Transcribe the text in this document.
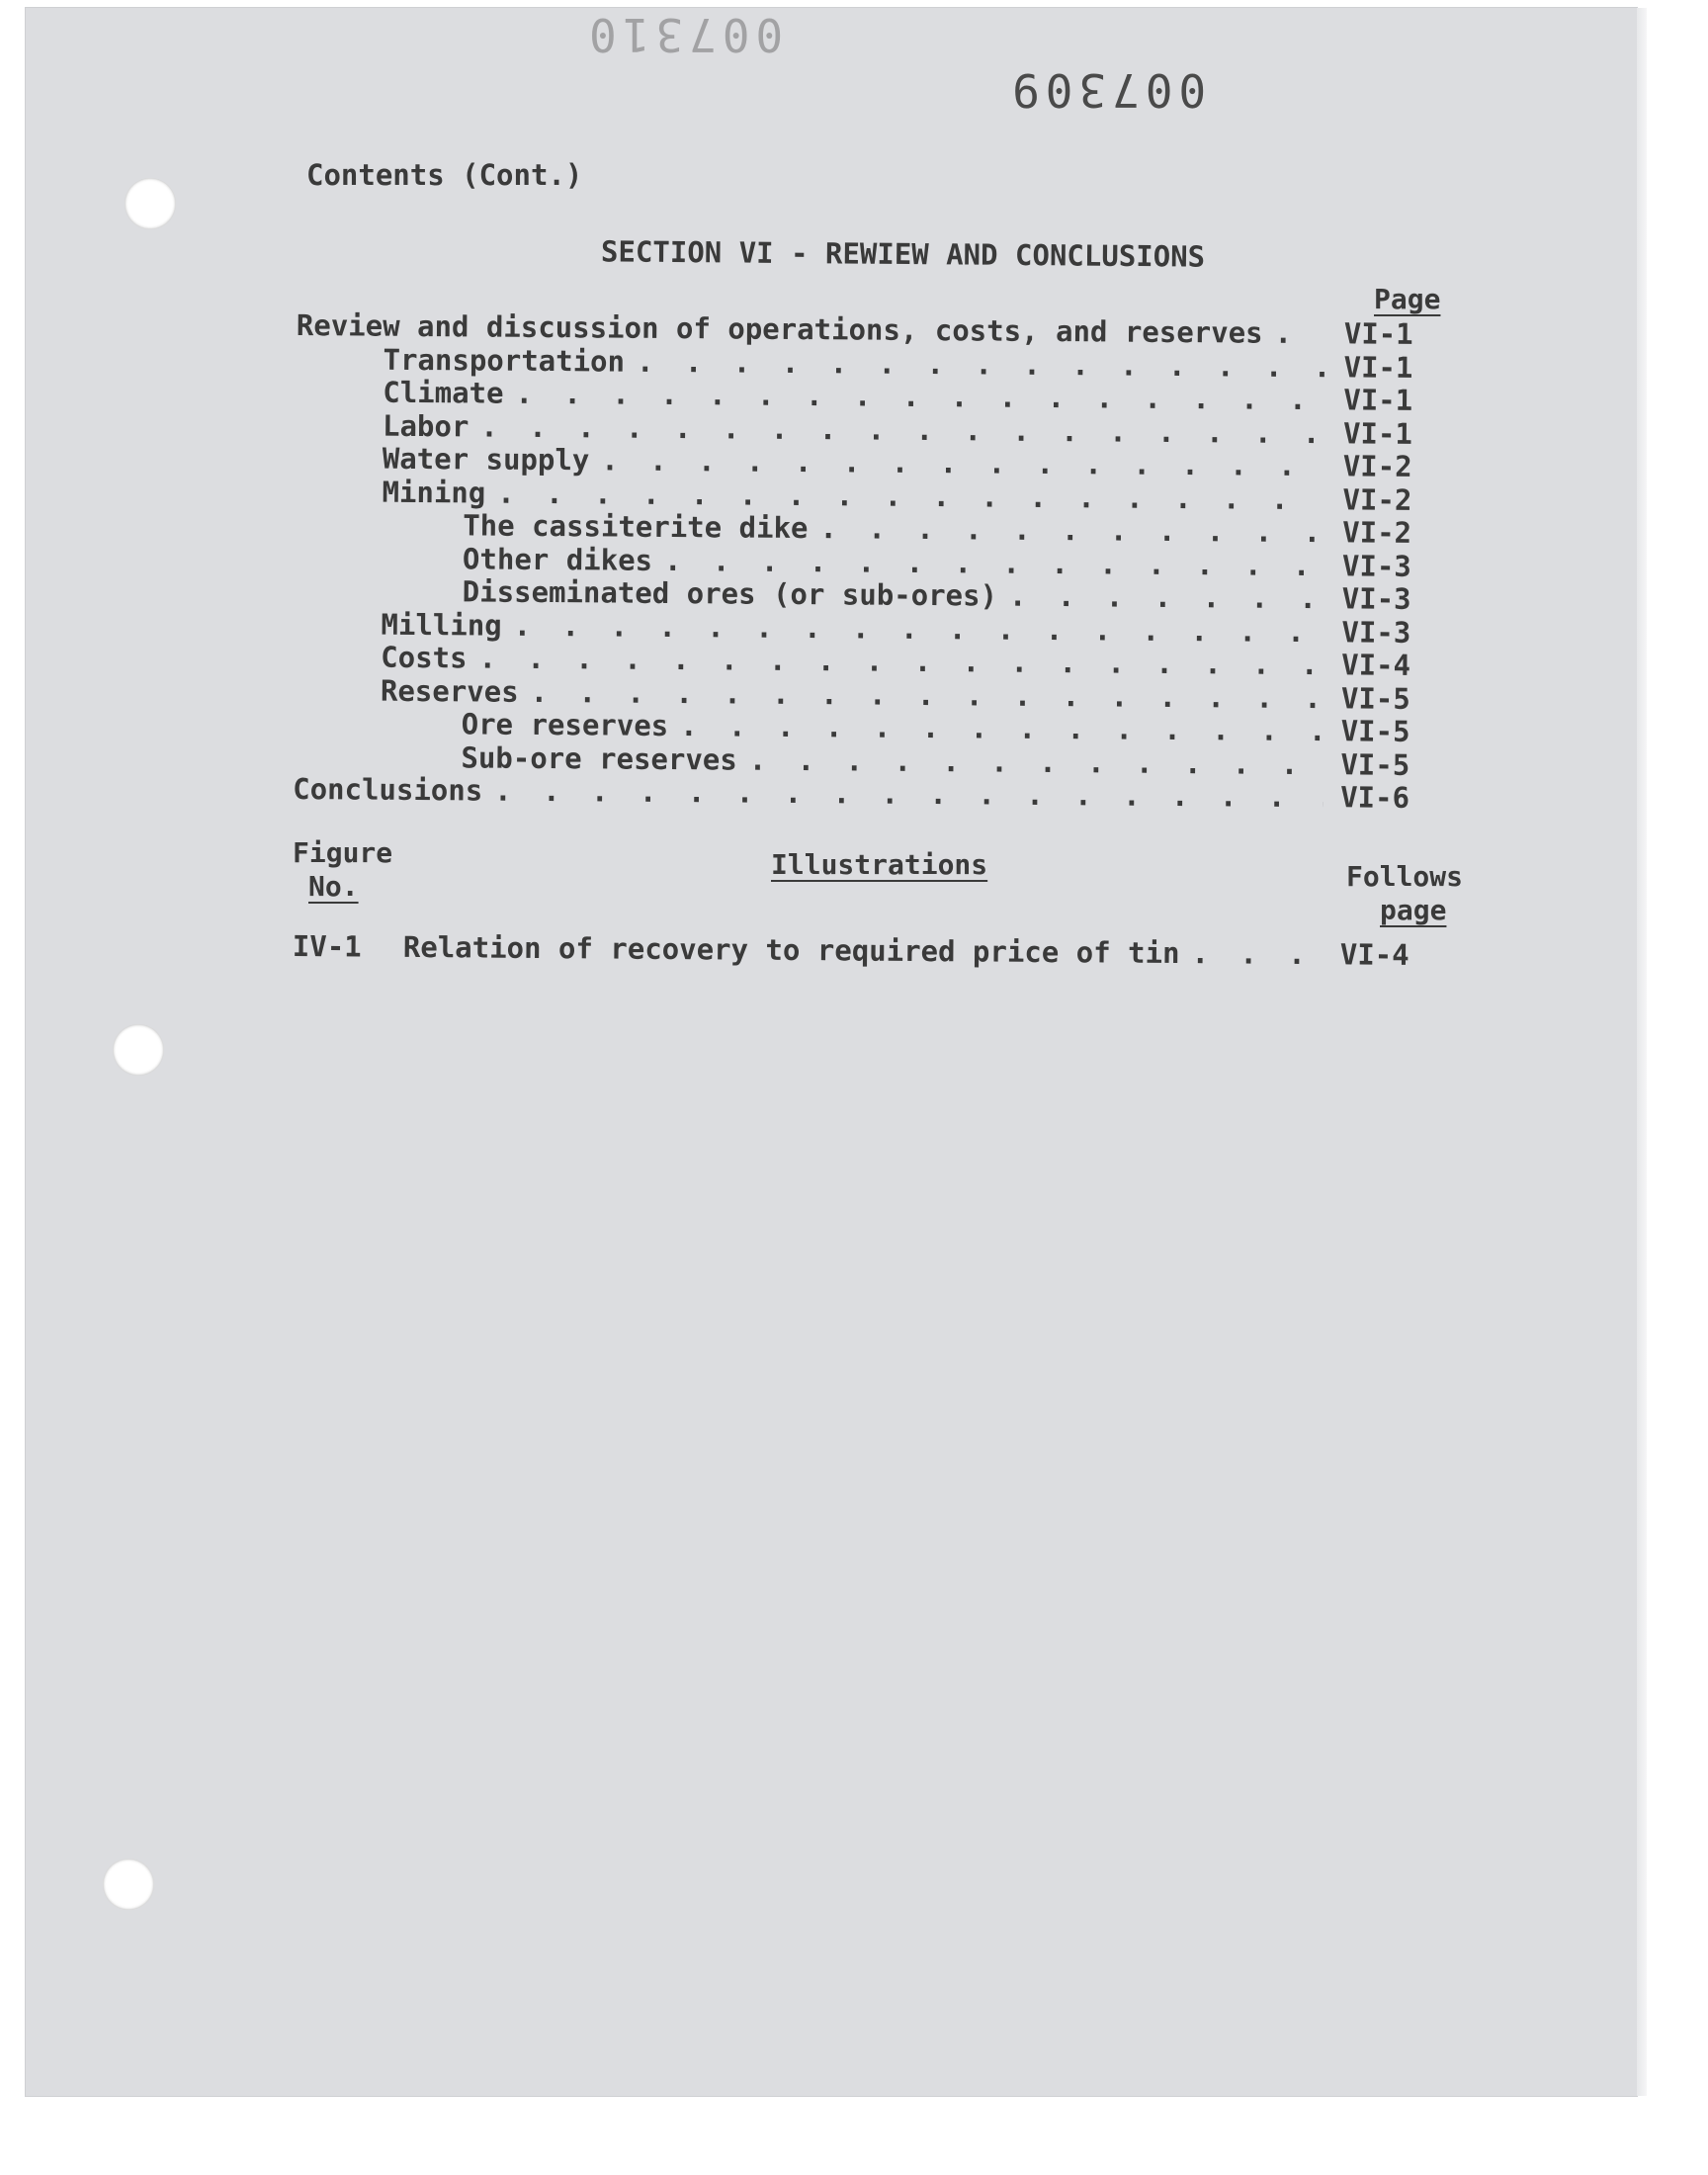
007310
007309
Contents (Cont.)
SECTION VI - REWIEW AND CONCLUSIONS
Page
Review and discussion of operations, costs, and reserves . . .	VI-1
Transportation . . .	VI-1
Climate . . .	VI-1
Labor . . .	VI-1
Water supply . . .	VI-2
Mining . . .	VI-2
The cassiterite dike . . .	VI-2
Other dikes . . .	VI-3
Disseminated ores (or sub-ores) . . .	VI-3
Milling . . .	VI-3
Costs . . .	VI-4
Reserves . . .	VI-5
Ore reserves . . .	VI-5
Sub-ore reserves . . .	VI-5
Conclusions . . .	VI-6
Figure
No.
Illustrations	Follows
page
IV-1	Relation of recovery to required price of tin . . .	VI-4
